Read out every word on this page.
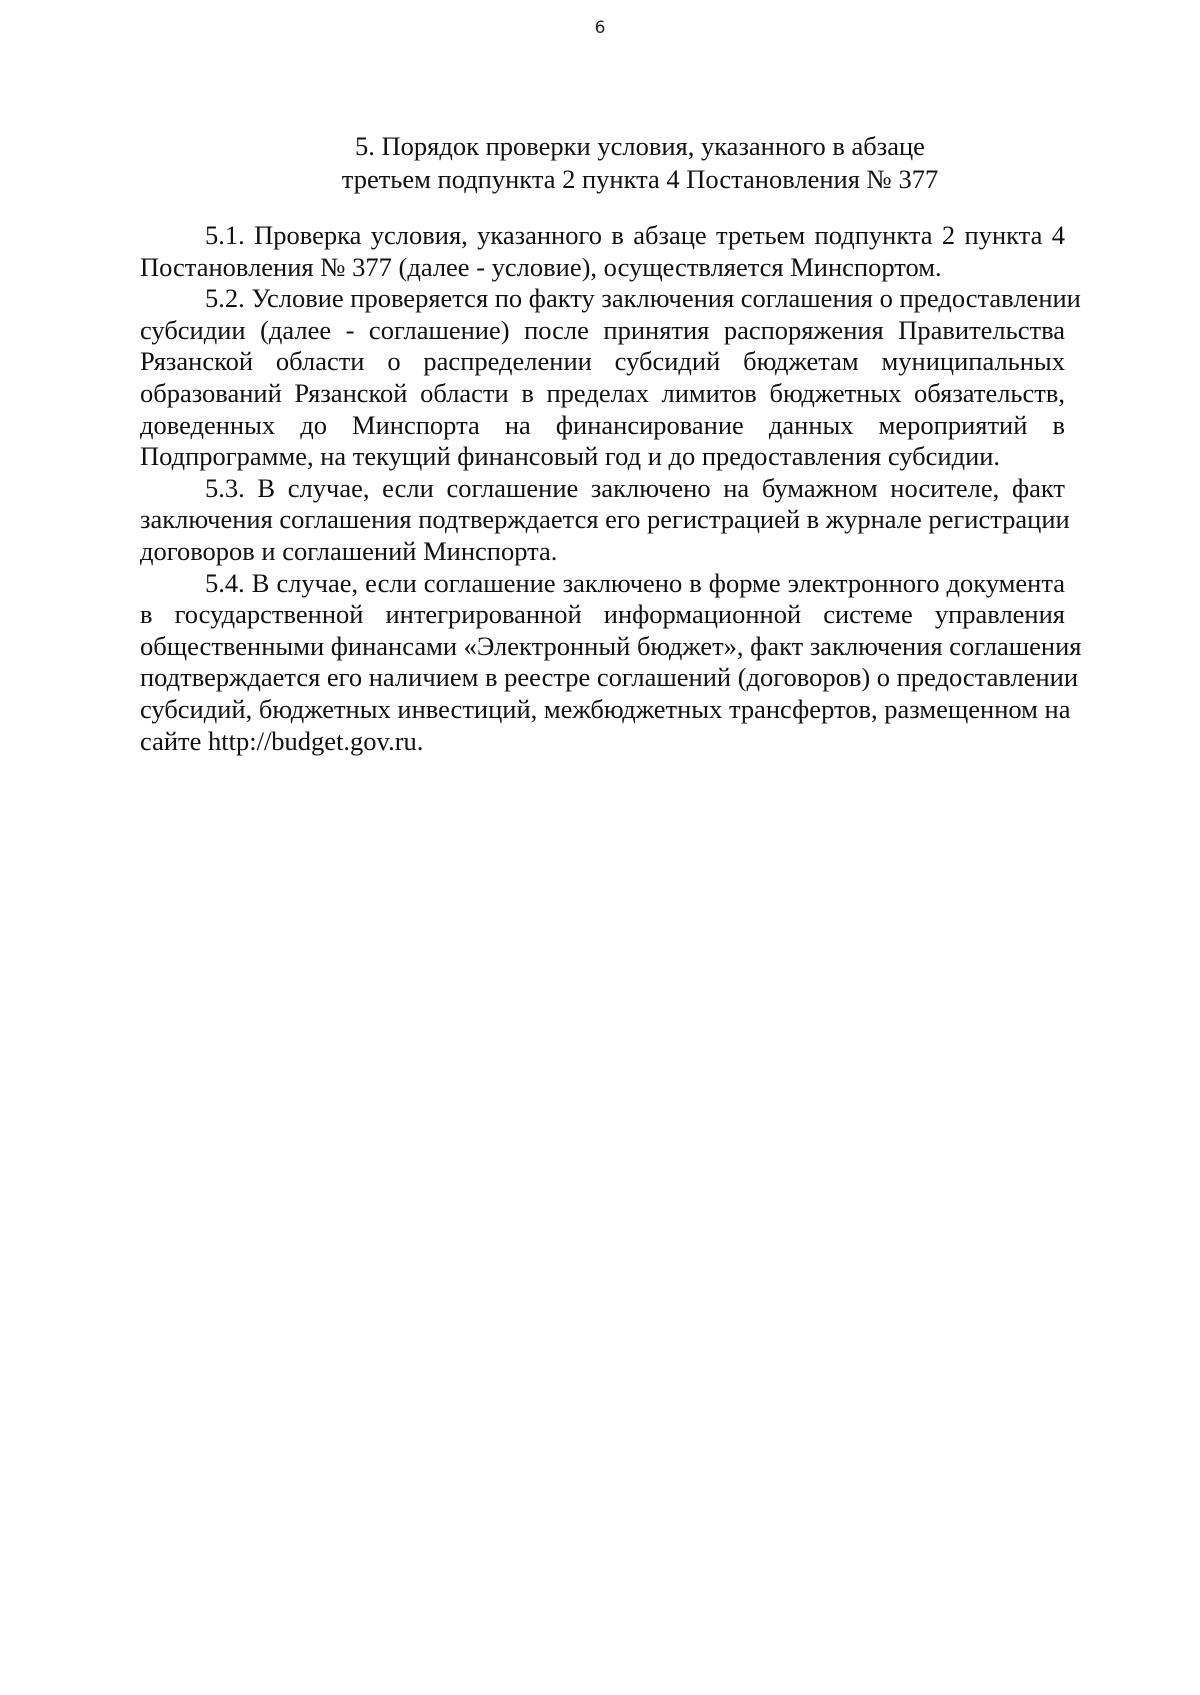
6
5. Порядок проверки условия, указанного в абзаце
третьем подпункта 2 пункта 4 Постановления № 377

5.1. Проверка условия, указанного в абзаце третьем подпункта 2 пункта 4
Постановления № 377 (далее - условие), осуществляется Минспортом.

5.2. Условие проверяется по факту заключения соглашения о предоставлении
субсидии (далее - соглашение) после принятия распоряжения Правительства
Рязанской области о распределении субсидий бюджетам муниципальных
образований Рязанской области в пределах лимитов бюджетных обязательств,
доведенных до Минспорта на финансирование данных мероприятий в
Подпрограмме, на текущий финансовый год и до предоставления субсидии.

5.3. В случае, если соглашение заключено на бумажном носителе, факт
заключения соглашения подтверждается его регистрацией в журнале регистрации
договоров и соглашений Минспорта.

5.4. В случае, если соглашение заключено в форме электронного документа
в государственной интегрированной информационной системе управления
общественными финансами «Электронный бюджет», факт заключения соглашения
подтверждается его наличием в реестре соглашений (договоров) о предоставлении
субсидий, бюджетных инвестиций, межбюджетных трансфертов, размещенном на
сайте http://budget.gov.ru.
